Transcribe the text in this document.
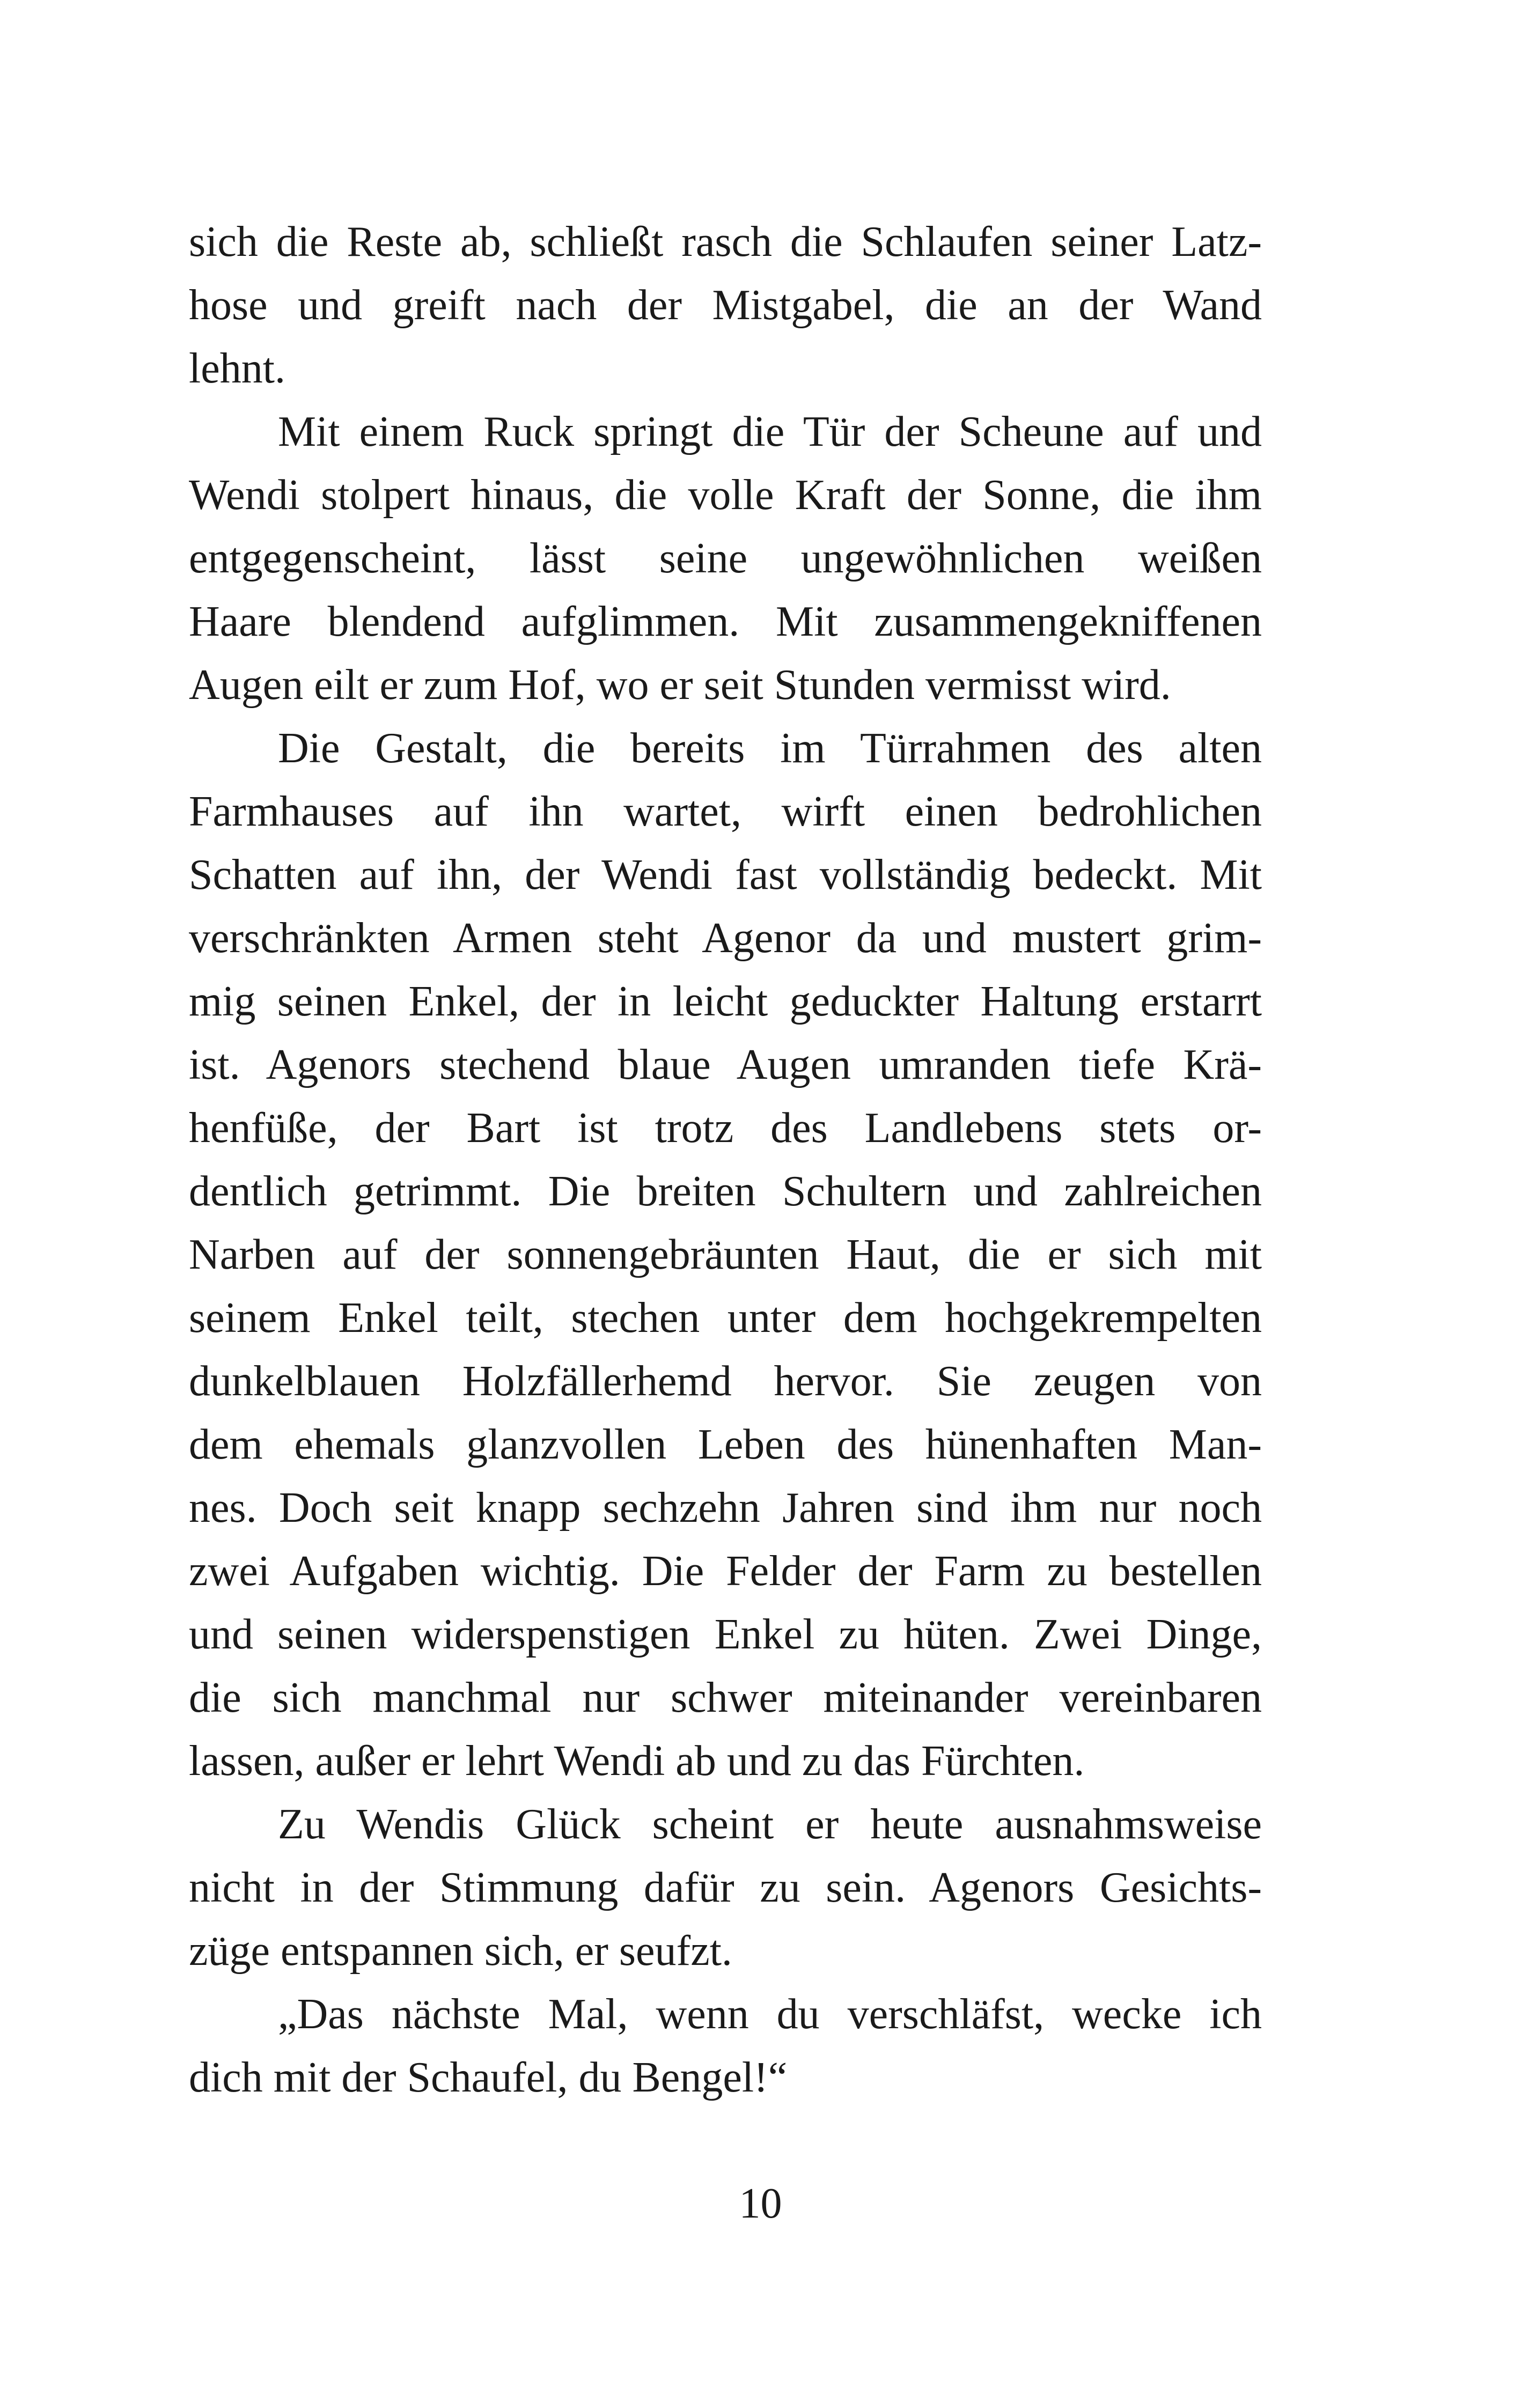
sich die Reste ab, schließt rasch die Schlaufen seiner Latz-
hose und greift nach der Mistgabel, die an der Wand
lehnt.
Mit einem Ruck springt die Tür der Scheune auf und
Wendi stolpert hinaus, die volle Kraft der Sonne, die ihm
entgegenscheint, lässt seine ungewöhnlichen weißen
Haare blendend aufglimmen. Mit zusammengekniffenen
Augen eilt er zum Hof, wo er seit Stunden vermisst wird.
Die Gestalt, die bereits im Türrahmen des alten
Farmhauses auf ihn wartet, wirft einen bedrohlichen
Schatten auf ihn, der Wendi fast vollständig bedeckt. Mit
verschränkten Armen steht Agenor da und mustert grim-
mig seinen Enkel, der in leicht geduckter Haltung erstarrt
ist. Agenors stechend blaue Augen umranden tiefe Krä-
henfüße, der Bart ist trotz des Landlebens stets or-
dentlich getrimmt. Die breiten Schultern und zahlreichen
Narben auf der sonnengebräunten Haut, die er sich mit
seinem Enkel teilt, stechen unter dem hochgekrempelten
dunkelblauen Holzfällerhemd hervor. Sie zeugen von
dem ehemals glanzvollen Leben des hünenhaften Man-
nes. Doch seit knapp sechzehn Jahren sind ihm nur noch
zwei Aufgaben wichtig. Die Felder der Farm zu bestellen
und seinen widerspenstigen Enkel zu hüten. Zwei Dinge,
die sich manchmal nur schwer miteinander vereinbaren
lassen, außer er lehrt Wendi ab und zu das Fürchten.
Zu Wendis Glück scheint er heute ausnahmsweise
nicht in der Stimmung dafür zu sein. Agenors Gesichts-
züge entspannen sich, er seufzt.
„Das nächste Mal, wenn du verschläfst, wecke ich
dich mit der Schaufel, du Bengel!“
10
